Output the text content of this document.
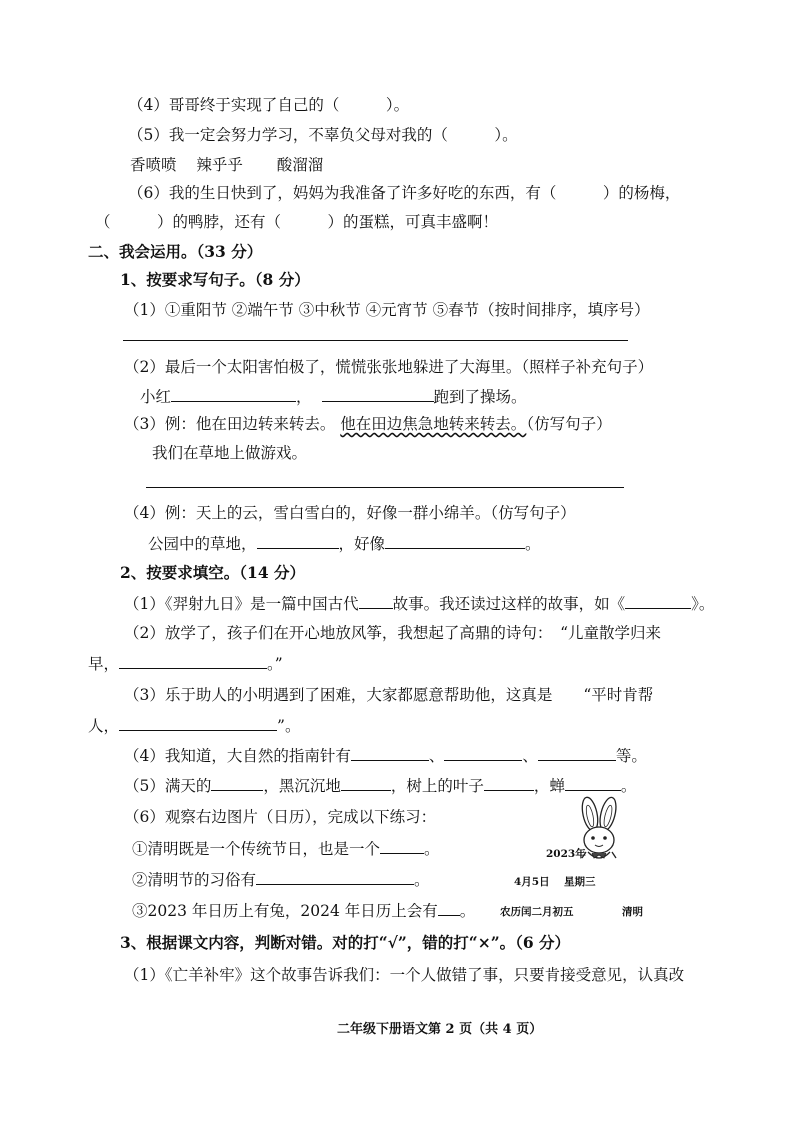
（4）哥哥终于实现了自己的（　　　）。
（5）我一定会努力学习，不辜负父母对我的（　　　）。
香喷喷 辣乎乎 酸溜溜
（6）我的生日快到了，妈妈为我准备了许多好吃的东西，有（　　　）的杨梅，
（　　　）的鸭脖，还有（　　　）的蛋糕，可真丰盛啊！
二、我会运用。（33 分）
1、按要求写句子。（8 分）
（1）①重阳节 ②端午节 ③中秋节 ④元宵节 ⑤春节（按时间排序，填序号）
（2）最后一个太阳害怕极了，慌慌张张地躲进了大海里。（照样子补充句子）
小红	，	跑到了操场。
（3）例：他在田边转来转去。 他在田边焦急地转来转去。（仿写句子）
我们在草地上做游戏。
（4）例：天上的云，雪白雪白的，好像一群小绵羊。（仿写句子）
公园中的草地，	，好像	。
2、按要求填空。（14 分）
（1）《羿射九日》是一篇中国古代 故事。我还读过这样的故事，如《	》。
（2）放学了，孩子们在开心地放风筝，我想起了高鼎的诗句：　“儿童散学归来
早，	。”
（3）乐于助人的小明遇到了困难，大家都愿意帮助他，这真是　　“平时肯帮
人，	”。
（4）我知道，大自然的指南针有	、	、	等。
（5）满天的	，黑沉沉地	，树上的叶子	，蝉	。
（6）观察右边图片（日历），完成以下练习：
①清明既是一个传统节日，也是一个	。
②清明节的习俗有	。
③2023 年日历上有兔，2024 年日历上会有 。
2023年
4月5日 星期三
农历闰二月初五	清明
3、根据课文内容，判断对错。对的打“√”，错的打“×”。（6 分）
（1）《亡羊补牢》这个故事告诉我们：一个人做错了事，只要肯接受意见，认真改
二年级下册语文第 2 页（共 4 页）
